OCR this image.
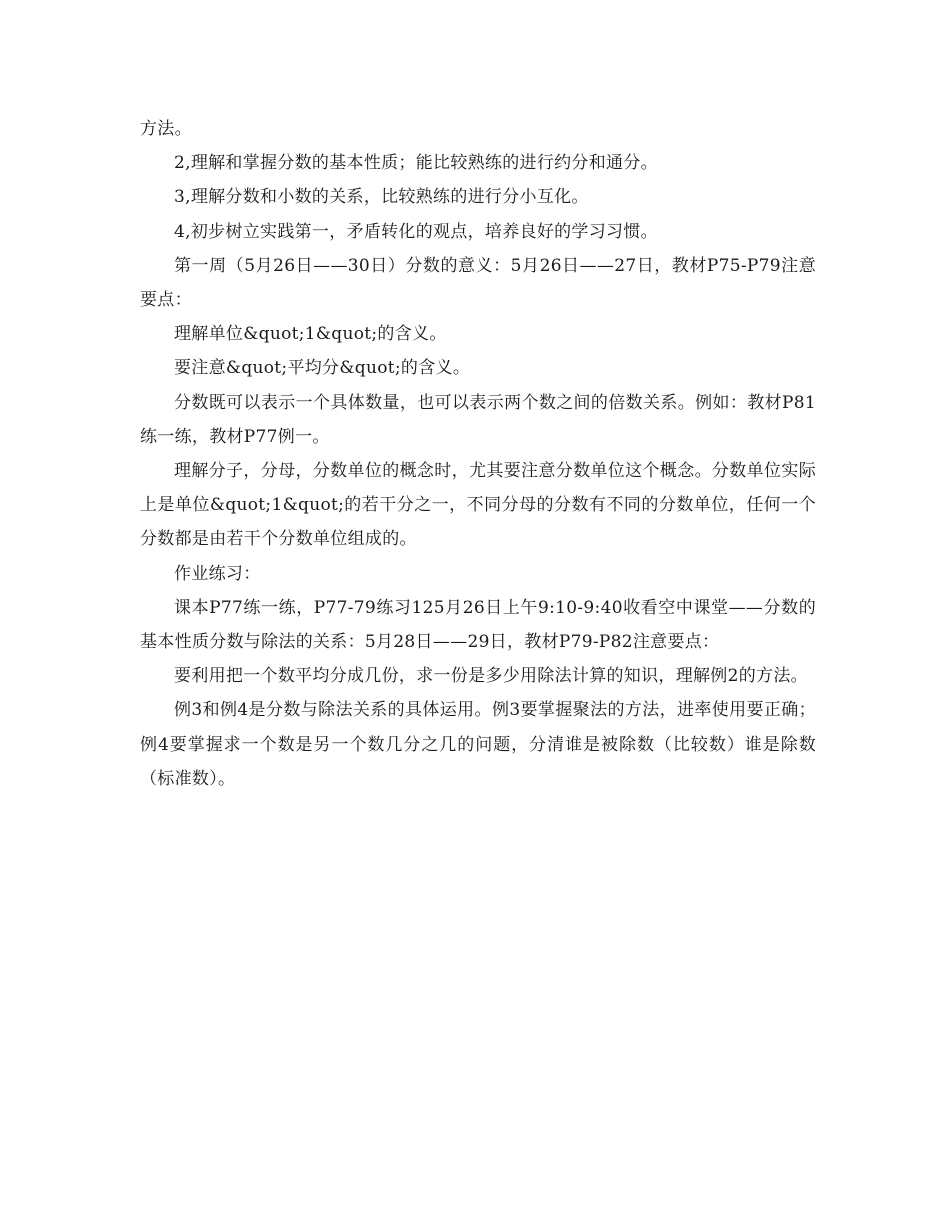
方法。

2,理解和掌握分数的基本性质；能比较熟练的进行约分和通分。

3,理解分数和小数的关系，比较熟练的进行分小互化。

4,初步树立实践第一，矛盾转化的观点，培养良好的学习习惯。

第一周（5月26日——30日）分数的意义：5月26日——27日，教材P75-P79注意要点：

理解单位&quot;1&quot;的含义。

要注意&quot;平均分&quot;的含义。

分数既可以表示一个具体数量，也可以表示两个数之间的倍数关系。例如：教材P81练一练，教材P77例一。

理解分子，分母，分数单位的概念时，尤其要注意分数单位这个概念。分数单位实际上是单位&quot;1&quot;的若干分之一，不同分母的分数有不同的分数单位，任何一个分数都是由若干个分数单位组成的。

作业练习：

课本P77练一练，P77-79练习125月26日上午9:10-9:40收看空中课堂——分数的基本性质分数与除法的关系：5月28日——29日，教材P79-P82注意要点：

要利用把一个数平均分成几份，求一份是多少用除法计算的知识，理解例2的方法。

例3和例4是分数与除法关系的具体运用。例3要掌握聚法的方法，进率使用要正确；例4要掌握求一个数是另一个数几分之几的问题，分清谁是被除数（比较数）谁是除数（标准数）。
